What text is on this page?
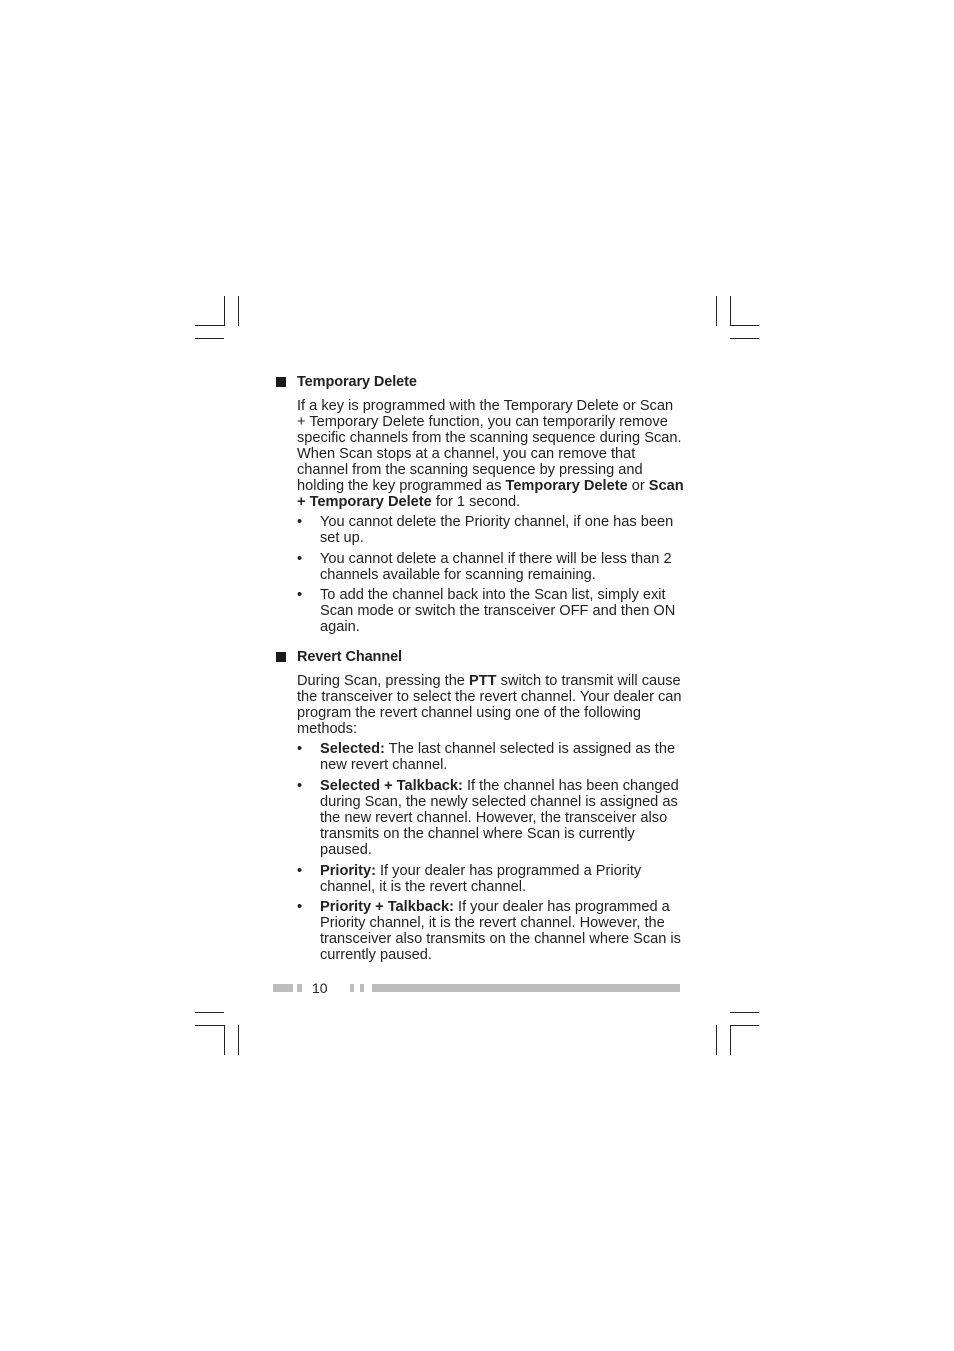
Temporary Delete

If a key is programmed with the Temporary Delete or Scan + Temporary Delete function, you can temporarily remove specific channels from the scanning sequence during Scan. When Scan stops at a channel, you can remove that channel from the scanning sequence by pressing and holding the key programmed as Temporary Delete or Scan + Temporary Delete for 1 second.

• You cannot delete the Priority channel, if one has been set up.
• You cannot delete a channel if there will be less than 2 channels available for scanning remaining.
• To add the channel back into the Scan list, simply exit Scan mode or switch the transceiver OFF and then ON again.
Revert Channel

During Scan, pressing the PTT switch to transmit will cause the transceiver to select the revert channel. Your dealer can program the revert channel using one of the following methods:

• Selected: The last channel selected is assigned as the new revert channel.
• Selected + Talkback: If the channel has been changed during Scan, the newly selected channel is assigned as the new revert channel. However, the transceiver also transmits on the channel where Scan is currently paused.
• Priority: If your dealer has programmed a Priority channel, it is the revert channel.
• Priority + Talkback: If your dealer has programmed a Priority channel, it is the revert channel. However, the transceiver also transmits on the channel where Scan is currently paused.
10
